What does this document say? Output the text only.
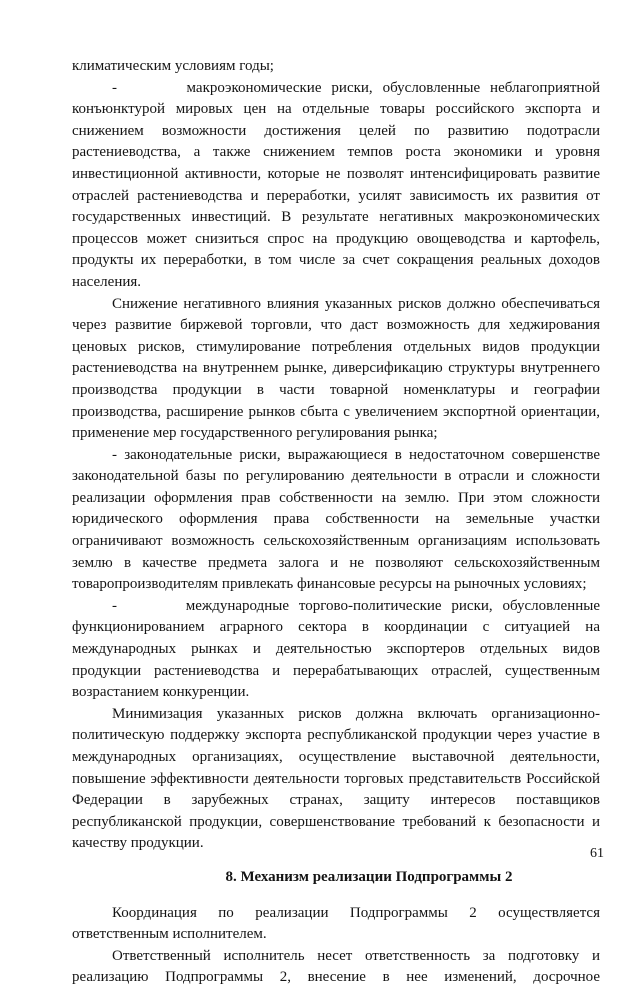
климатическим условиям годы;

-       макроэкономические риски, обусловленные неблагоприятной конъюнктурой мировых цен на отдельные товары российского экспорта и снижением возможности достижения целей по развитию подотрасли растениеводства, а также снижением темпов роста экономики и уровня инвестиционной активности, которые не позволят интенсифицировать развитие отраслей растениеводства и переработки, усилят зависимость их развития от государственных инвестиций. В результате негативных макроэкономических процессов может снизиться спрос на продукцию овощеводства и картофель, продукты их переработки, в том числе за счет сокращения реальных доходов населения.

Снижение негативного влияния указанных рисков должно обеспечиваться через развитие биржевой торговли, что даст возможность для хеджирования ценовых рисков, стимулирование потребления отдельных видов продукции растениеводства на внутреннем рынке, диверсификацию структуры внутреннего производства продукции в части товарной номенклатуры и географии производства, расширение рынков сбыта с увеличением экспортной ориентации, применение мер государственного регулирования рынка;

- законодательные риски, выражающиеся в недостаточном совершенстве законодательной базы по регулированию деятельности в отрасли и сложности реализации оформления прав собственности на землю. При этом сложности юридического оформления права собственности на земельные участки ограничивают возможность сельскохозяйственным организациям использовать землю в качестве предмета залога и не позволяют сельскохозяйственным товаропроизводителям привлекать финансовые ресурсы на рыночных условиях;

-       международные торгово-политические риски, обусловленные функционированием аграрного сектора в координации с ситуацией на международных рынках и деятельностью экспортеров отдельных видов продукции растениеводства и перерабатывающих отраслей, существенным возрастанием конкуренции.

Минимизация указанных рисков должна включать организационно-политическую поддержку экспорта республиканской продукции через участие в международных организациях, осуществление выставочной деятельности, повышение эффективности деятельности торговых представительств Российской Федерации в зарубежных странах, защиту интересов поставщиков республиканской продукции, совершенствование требований к безопасности и качеству продукции.

8. Механизм реализации Подпрограммы 2

Координация по реализации Подпрограммы 2 осуществляется ответственным исполнителем.

Ответственный исполнитель несет ответственность за подготовку и реализацию Подпрограммы 2, внесение в нее изменений, досрочное

61
